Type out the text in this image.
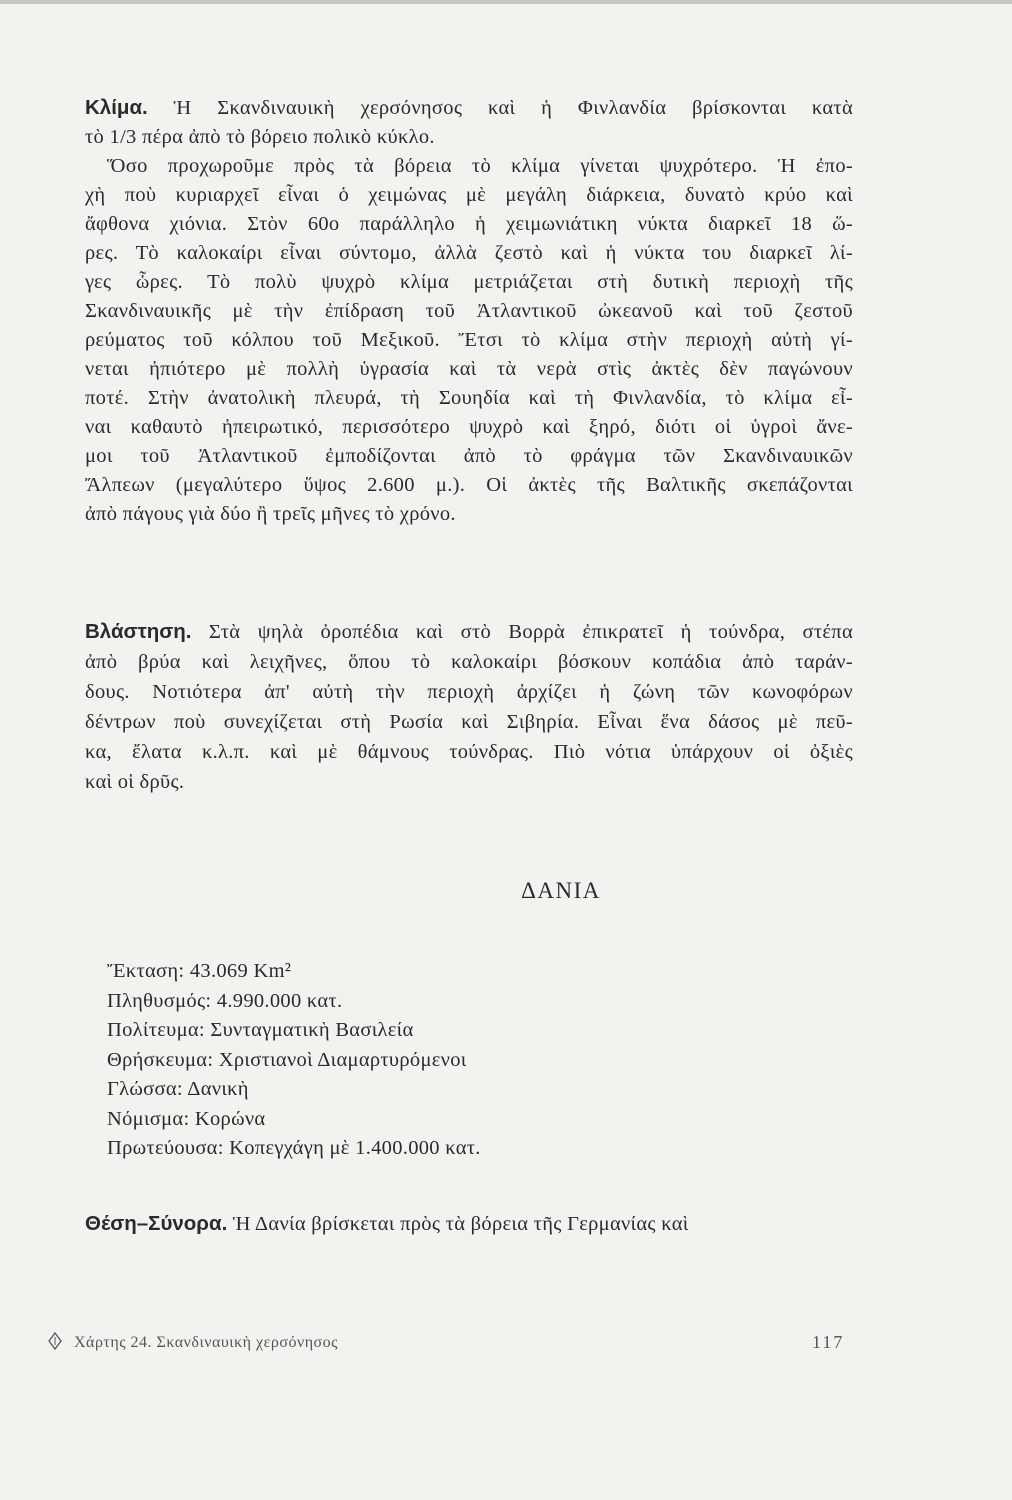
Κλίμα. Ἡ Σκανδιναυικὴ χερσόνησος καὶ ἡ Φινλανδία βρίσκονται κατὰ
τὸ 1/3 πέρα ἀπὸ τὸ βόρειο πολικὸ κύκλο.
Ὅσο προχωροῦμε πρὸς τὰ βόρεια τὸ κλίμα γίνεται ψυχρότερο. Ἡ ἐπο-
χὴ ποὺ κυριαρχεῖ εἶναι ὁ χειμώνας μὲ μεγάλη διάρκεια, δυνατὸ κρύο καὶ
ἄφθονα χιόνια. Στὸν 60ο παράλληλο ἡ χειμωνιάτικη νύκτα διαρκεῖ 18 ὥ-
ρες. Τὸ καλοκαίρι εἶναι σύντομο, ἀλλὰ ζεστὸ καὶ ἡ νύκτα του διαρκεῖ λί-
γες ὧρες. Τὸ πολὺ ψυχρὸ κλίμα μετριάζεται στὴ δυτικὴ περιοχὴ τῆς
Σκανδιναυικῆς μὲ τὴν ἐπίδραση τοῦ Ἀτλαντικοῦ ὠκεανοῦ καὶ τοῦ ζεστοῦ
ρεύματος τοῦ κόλπου τοῦ Μεξικοῦ. Ἔτσι τὸ κλίμα στὴν περιοχὴ αὐτὴ γί-
νεται ἠπιότερο μὲ πολλὴ ὑγρασία καὶ τὰ νερὰ στὶς ἀκτὲς δὲν παγώνουν
ποτέ. Στὴν ἀνατολικὴ πλευρά, τὴ Σουηδία καὶ τὴ Φινλανδία, τὸ κλίμα εἶ-
ναι καθαυτὸ ἠπειρωτικό, περισσότερο ψυχρὸ καὶ ξηρό, διότι οἱ ὑγροὶ ἄνε-
μοι τοῦ Ἀτλαντικοῦ ἐμποδίζονται ἀπὸ τὸ φράγμα τῶν Σκανδιναυικῶν
Ἄλπεων (μεγαλύτερο ὕψος 2.600 μ.). Οἱ ἀκτὲς τῆς Βαλτικῆς σκεπάζονται
ἀπὸ πάγους γιὰ δύο ἢ τρεῖς μῆνες τὸ χρόνο.
Βλάστηση. Στὰ ψηλὰ ὀροπέδια καὶ στὸ Βορρὰ ἐπικρατεῖ ἡ τούνδρα, στέπα
ἀπὸ βρύα καὶ λειχῆνες, ὅπου τὸ καλοκαίρι βόσκουν κοπάδια ἀπὸ ταράν-
δους. Νοτιότερα ἀπ' αὐτὴ τὴν περιοχὴ ἀρχίζει ἡ ζώνη τῶν κωνοφόρων
δέντρων ποὺ συνεχίζεται στὴ Ρωσία καὶ Σιβηρία. Εἶναι ἕνα δάσος μὲ πεῦ-
κα, ἔλατα κ.λ.π. καὶ μὲ θάμνους τούνδρας. Πιὸ νότια ὑπάρχουν οἱ ὀξιὲς
καὶ οἱ δρῦς.
ΔΑΝΙΑ
Ἔκταση: 43.069 Km²
Πληθυσμός: 4.990.000 κατ.
Πολίτευμα: Συνταγματικὴ Βασιλεία
Θρήσκευμα: Χριστιανοὶ Διαμαρτυρόμενοι
Γλώσσα: Δανικὴ
Νόμισμα: Κορώνα
Πρωτεύουσα: Κοπεγχάγη μὲ 1.400.000 κατ.
Θέση–Σύνορα. Ἡ Δανία βρίσκεται πρὸς τὰ βόρεια τῆς Γερμανίας καὶ
Χάρτης 24. Σκανδιναυικὴ χερσόνησος	117
